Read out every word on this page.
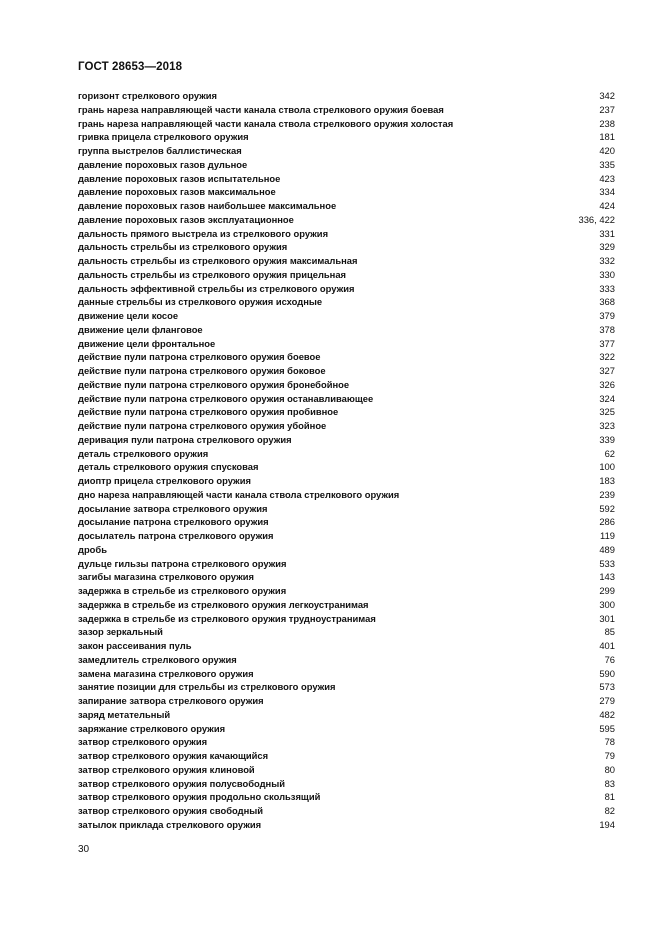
ГОСТ 28653—2018
горизонт стрелкового оружия	342
грань нареза направляющей части канала ствола стрелкового оружия боевая	237
грань нареза направляющей части канала ствола стрелкового оружия холостая	238
гривка прицела стрелкового оружия	181
группа выстрелов баллистическая	420
давление пороховых газов дульное	335
давление пороховых газов испытательное	423
давление пороховых газов максимальное	334
давление пороховых газов наибольшее максимальное	424
давление пороховых газов эксплуатационное	336, 422
дальность прямого выстрела из стрелкового оружия	331
дальность стрельбы из стрелкового оружия	329
дальность стрельбы из стрелкового оружия максимальная	332
дальность стрельбы из стрелкового оружия прицельная	330
дальность эффективной стрельбы из стрелкового оружия	333
данные стрельбы из стрелкового оружия исходные	368
движение цели косое	379
движение цели фланговое	378
движение цели фронтальное	377
действие пули патрона стрелкового оружия боевое	322
действие пули патрона стрелкового оружия боковое	327
действие пули патрона стрелкового оружия бронебойное	326
действие пули патрона стрелкового оружия останавливающее	324
действие пули патрона стрелкового оружия пробивное	325
действие пули патрона стрелкового оружия убойное	323
деривация пули патрона стрелкового оружия	339
деталь стрелкового оружия	62
деталь стрелкового оружия спусковая	100
диоптр прицела стрелкового оружия	183
дно нареза направляющей части канала ствола стрелкового оружия	239
досылание затвора стрелкового оружия	592
досылание патрона стрелкового оружия	286
досылатель патрона стрелкового оружия	119
дробь	489
дульце гильзы патрона стрелкового оружия	533
загибы магазина стрелкового оружия	143
задержка в стрельбе из стрелкового оружия	299
задержка в стрельбе из стрелкового оружия легкоустранимая	300
задержка в стрельбе из стрелкового оружия трудноустранимая	301
зазор зеркальный	85
закон рассеивания пуль	401
замедлитель стрелкового оружия	76
замена магазина стрелкового оружия	590
занятие позиции для стрельбы из стрелкового оружия	573
запирание затвора стрелкового оружия	279
заряд метательный	482
заряжание стрелкового оружия	595
затвор стрелкового оружия	78
затвор стрелкового оружия качающийся	79
затвор стрелкового оружия клиновой	80
затвор стрелкового оружия полусвободный	83
затвор стрелкового оружия продольно скользящий	81
затвор стрелкового оружия свободный	82
затылок приклада стрелкового оружия	194
30
